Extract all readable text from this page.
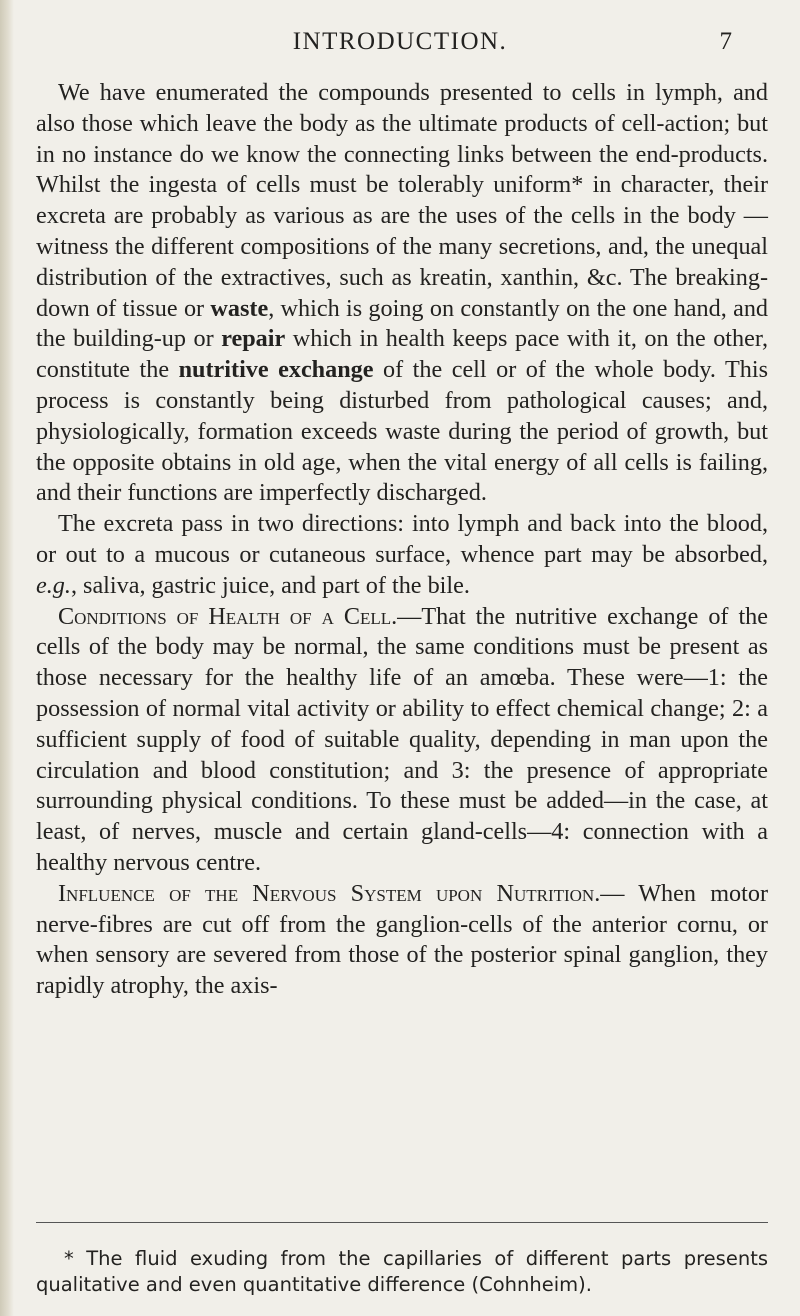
INTRODUCTION.	7

We have enumerated the compounds presented to cells in lymph, and also those which leave the body as the ultimate products of cell-action; but in no instance do we know the connecting links between the end-products. Whilst the ingesta of cells must be tolerably uniform* in character, their excreta are probably as various as are the uses of the cells in the body —witness the different compositions of the many secretions, and, the unequal distribution of the extractives, such as kreatin, xanthin, &c. The breaking-down of tissue or waste, which is going on constantly on the one hand, and the building-up or repair which in health keeps pace with it, on the other, constitute the nutritive exchange of the cell or of the whole body. This process is constantly being disturbed from pathological causes; and, physiologically, formation exceeds waste during the period of growth, but the opposite obtains in old age, when the vital energy of all cells is failing, and their functions are imperfectly discharged.

The excreta pass in two directions: into lymph and back into the blood, or out to a mucous or cutaneous surface, whence part may be absorbed, e.g., saliva, gastric juice, and part of the bile.

Conditions of Health of a Cell.—That the nutritive exchange of the cells of the body may be normal, the same conditions must be present as those necessary for the healthy life of an amœba. These were—1: the possession of normal vital activity or ability to effect chemical change; 2: a sufficient supply of food of suitable quality, depending in man upon the circulation and blood constitution; and 3: the presence of appropriate surrounding physical conditions. To these must be added—in the case, at least, of nerves, muscle and certain gland-cells—4: connection with a healthy nervous centre.

Influence of the Nervous System upon Nutrition.— When motor nerve-fibres are cut off from the ganglion-cells of the anterior cornu, or when sensory are severed from those of the posterior spinal ganglion, they rapidly atrophy, the axis-

* The fluid exuding from the capillaries of different parts presents qualitative and even quantitative difference (Cohnheim).
